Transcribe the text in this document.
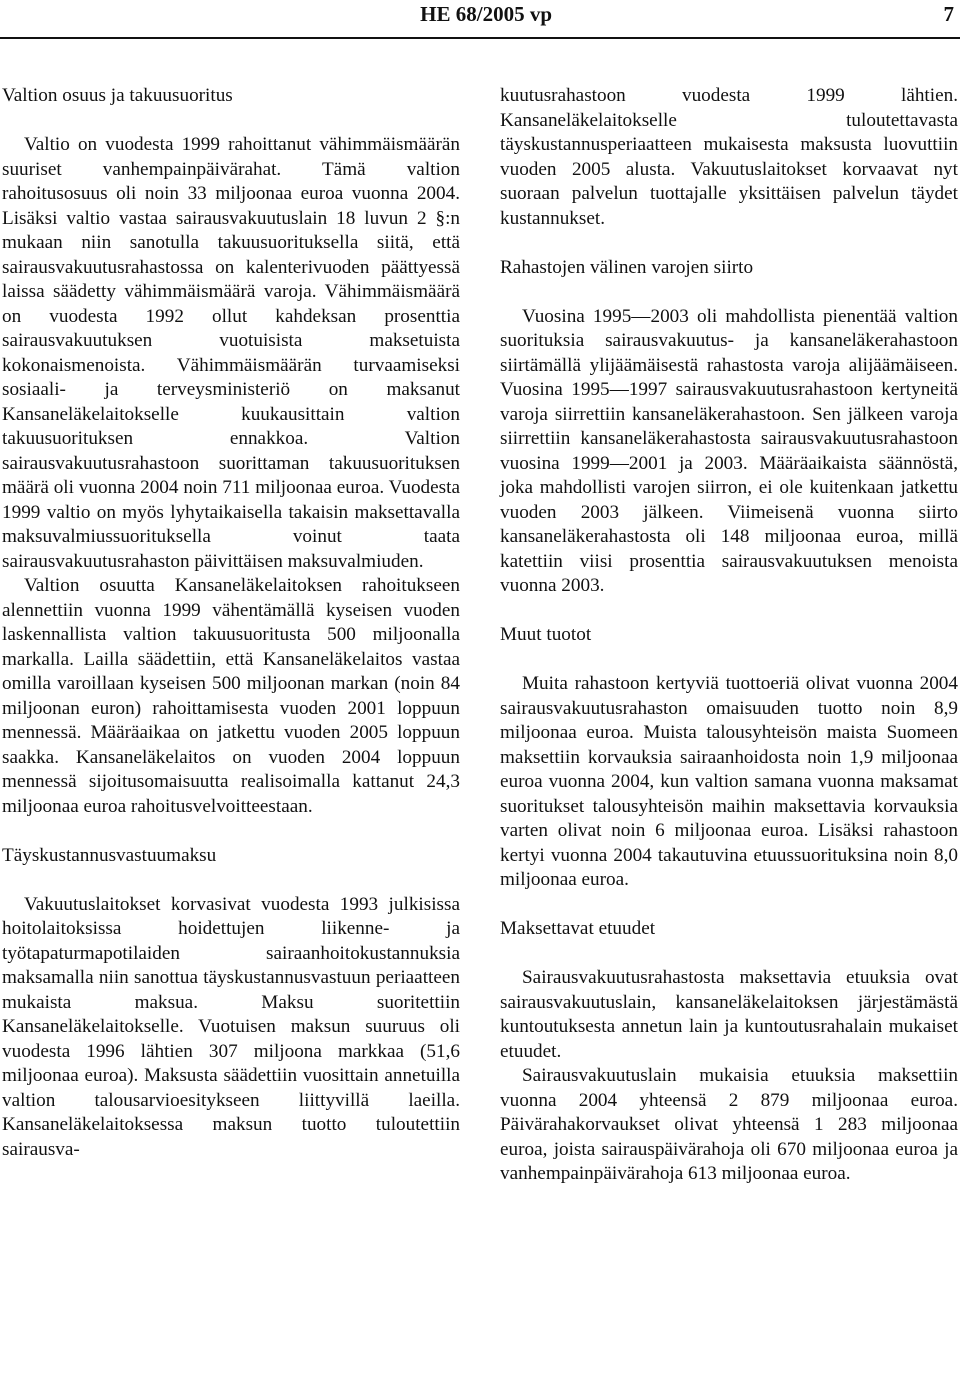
HE 68/2005 vp	7
Valtion osuus ja takuusuoritus

Valtio on vuodesta 1999 rahoittanut vähimmäismäärän suuriset vanhempainpäivärahat. Tämä valtion rahoitusosuus oli noin 33 miljoonaa euroa vuonna 2004. Lisäksi valtio vastaa sairausvakuutuslain 18 luvun 2 §:n mukaan niin sanotulla takuusuorituksella siitä, että sairausvakuutusrahastossa on kalenterivuoden päättyessä laissa säädetty vähimmäismäärä varoja. Vähimmäismäärä on vuodesta 1992 ollut kahdeksan prosenttia sairausvakuutuksen vuotuisista maksetuista kokonaismenoista. Vähimmäismäärän turvaamiseksi sosiaali- ja terveysministeriö on maksanut Kansaneläkelaitokselle kuukausittain valtion takuusuorituksen ennakkoa. Valtion sairausvakuutusrahastoon suorittaman takuusuorituksen määrä oli vuonna 2004 noin 711 miljoonaa euroa. Vuodesta 1999 valtio on myös lyhytaikaisella takaisin maksettavalla maksuvalmiussuorituksella voinut taata sairausvakuutusrahaston päivittäisen maksuvalmiuden.

Valtion osuutta Kansaneläkelaitoksen rahoitukseen alennettiin vuonna 1999 vähentämällä kyseisen vuoden laskennallista valtion takuusuoritusta 500 miljoonalla markalla. Lailla säädettiin, että Kansaneläkelaitos vastaa omilla varoillaan kyseisen 500 miljoonan markan (noin 84 miljoonan euron) rahoittamisesta vuoden 2001 loppuun mennessä. Määräaikaa on jatkettu vuoden 2005 loppuun saakka. Kansaneläkelaitos on vuoden 2004 loppuun mennessä sijoitusomaisuutta realisoimalla kattanut 24,3 miljoonaa euroa rahoitusvelvoitteestaan.

Täyskustannusvastuumaksu

Vakuutuslaitokset korvasivat vuodesta 1993 julkisissa hoitolaitoksissa hoidettujen liikenne- ja työtapaturmapotilaiden sairaanhoitokustannuksia maksamalla niin sanottua täyskustannusvastuun periaatteen mukaista maksua. Maksu suoritettiin Kansaneläkelaitokselle. Vuotuisen maksun suuruus oli vuodesta 1996 lähtien 307 miljoona markkaa (51,6 miljoonaa euroa). Maksusta säädettiin vuosittain annetuilla valtion talousarvioesitykseen liittyvillä laeilla. Kansaneläkelaitoksessa maksun tuotto tuloutettiin sairausva-

kuutusrahastoon vuodesta 1999 lähtien. Kansaneläkelaitokselle tuloutettavasta täyskustannusperiaatteen mukaisesta maksusta luovuttiin vuoden 2005 alusta. Vakuutuslaitokset korvaavat nyt suoraan palvelun tuottajalle yksittäisen palvelun täydet kustannukset.

Rahastojen välinen varojen siirto

Vuosina 1995—2003 oli mahdollista pienentää valtion suorituksia sairausvakuutus- ja kansaneläkerahastoon siirtämällä ylijäämäisestä rahastosta varoja alijäämäiseen. Vuosina 1995—1997 sairausvakuutusrahastoon kertyneitä varoja siirrettiin kansaneläkerahastoon. Sen jälkeen varoja siirrettiin kansaneläkerahastosta sairausvakuutusrahastoon vuosina 1999—2001 ja 2003. Määräaikaista säännöstä, joka mahdollisti varojen siirron, ei ole kuitenkaan jatkettu vuoden 2003 jälkeen. Viimeisenä vuonna siirto kansaneläkerahastosta oli 148 miljoonaa euroa, millä katettiin viisi prosenttia sairausvakuutuksen menoista vuonna 2003.

Muut tuotot

Muita rahastoon kertyviä tuottoeriä olivat vuonna 2004 sairausvakuutusrahaston omaisuuden tuotto noin 8,9 miljoonaa euroa. Muista talousyhteisön maista Suomeen maksettiin korvauksia sairaanhoidosta noin 1,9 miljoonaa euroa vuonna 2004, kun valtion samana vuonna maksamat suoritukset talousyhteisön maihin maksettavia korvauksia varten olivat noin 6 miljoonaa euroa. Lisäksi rahastoon kertyi vuonna 2004 takautuvina etuussuorituksina noin 8,0 miljoonaa euroa.

Maksettavat etuudet

Sairausvakuutusrahastosta maksettavia etuuksia ovat sairausvakuutuslain, kansaneläkelaitoksen järjestämästä kuntoutuksesta annetun lain ja kuntoutusrahalain mukaiset etuudet.

Sairausvakuutuslain mukaisia etuuksia maksettiin vuonna 2004 yhteensä 2 879 miljoonaa euroa. Päivärahakorvaukset olivat yhteensä 1 283 miljoonaa euroa, joista sairauspäivärahoja oli 670 miljoonaa euroa ja vanhempainpäivärahoja 613 miljoonaa euroa.
